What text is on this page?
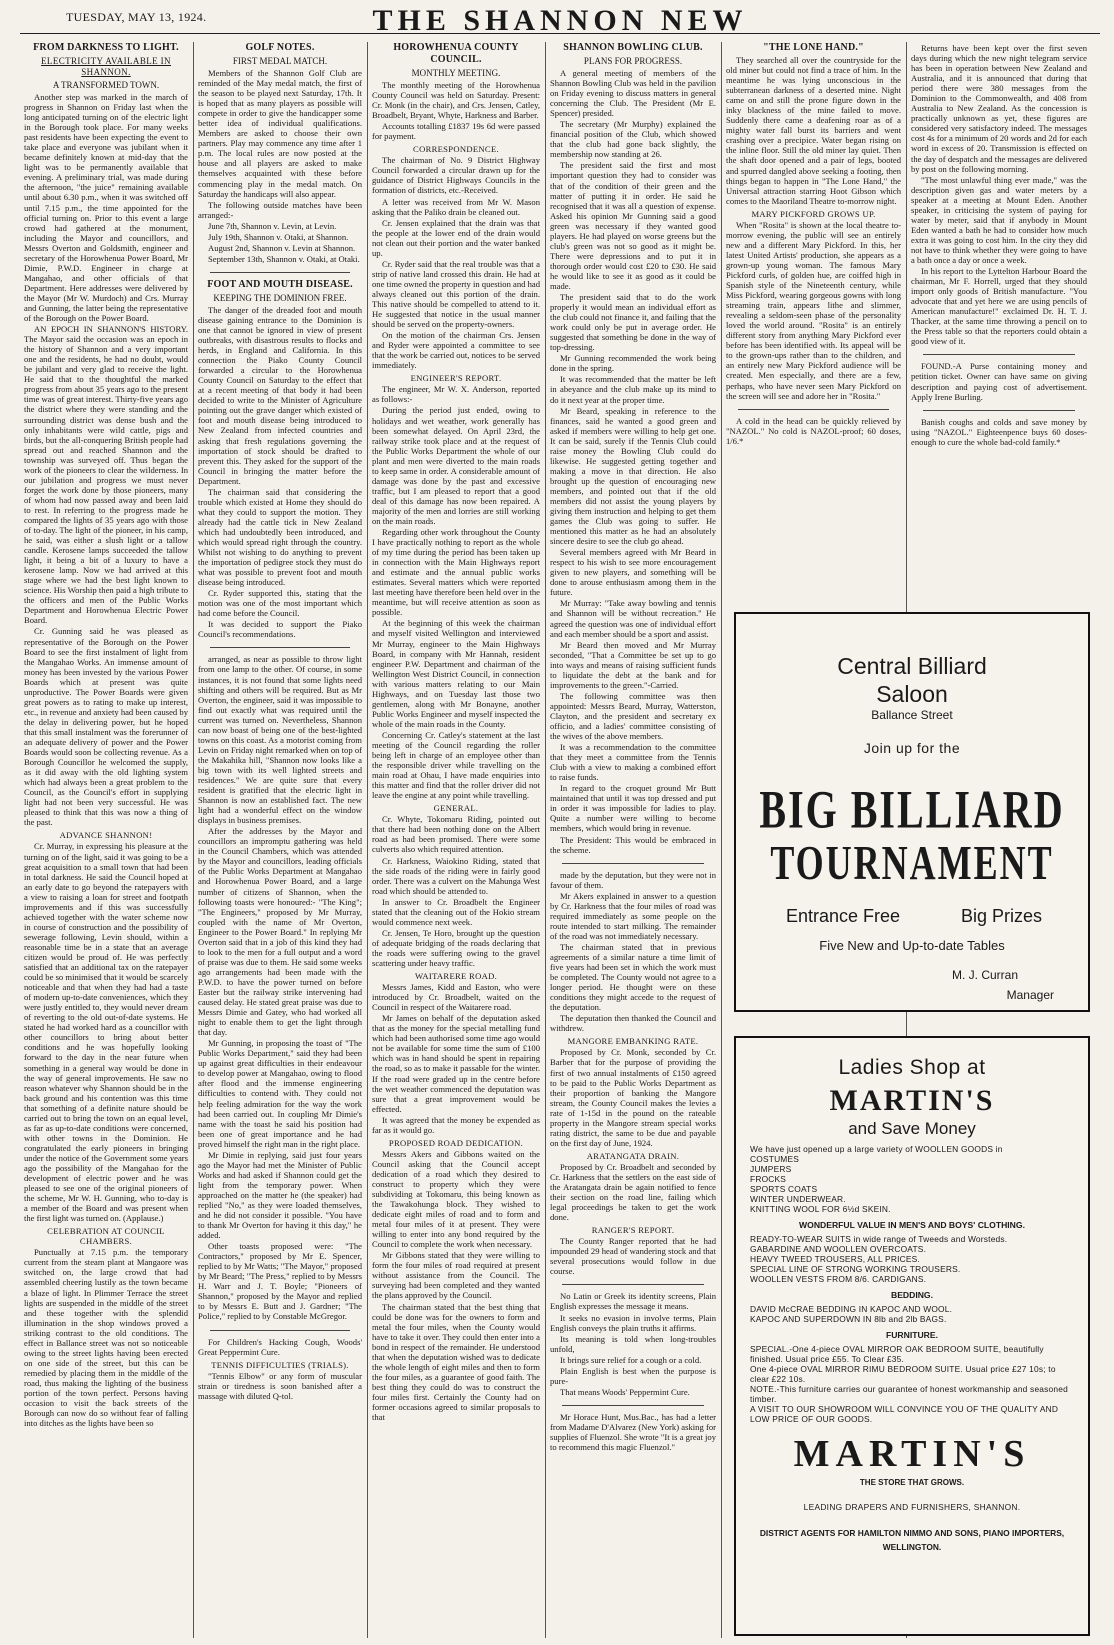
TUESDAY, MAY 13, 1924.	THE SHANNON NEW
FROM DARKNESS TO LIGHT.
ELECTRICITY AVAILABLE IN SHANNON.
A TRANSFORMED TOWN.

Another step was marked in the march of progress in Shannon on Friday last when the long anticipated turning on of the electric light in the Borough took place. For many weeks past residents have been expecting the event to take place and everyone was jubilant when it became definitely known at mid-day that the light was to be permanently available that evening. A preliminary trial, was made during the afternoon, "the juice" remaining available until about 6.30 p.m., when it was switched off until 7.15 p.m., the time appointed for the official turning on. Prior to this event a large crowd had gathered at the monument, including the Mayor and councillors, and Messrs Overton and Goldsmith, engineer and secretary of the Horowhenua Power Board, Mr Dimie, P.W.D. Engineer in charge at Mangahao, and other officials of that Department. Here addresses were delivered by the Mayor (Mr W. Murdoch) and Crs. Murray and Gunning, the latter being the representative of the Borough on the Power Board.

AN EPOCH IN SHANNON'S HISTORY. The Mayor said the occasion was an epoch in the history of Shannon and a very important one and the residents, he had no doubt, would be jubilant and very glad to receive the light. He said that to the thoughtful the marked progress from about 35 years ago to the present time was of great interest. Thirty-five years ago the district where they were standing and the surrounding district was dense bush and the only inhabitants were wild cattle, pigs and birds, but the all-conquering British people had spread out and reached Shannon and the township was surveyed off. Thus began the work of the pioneers to clear the wilderness. In our jubilation and progress we must never forget the work done by those pioneers, many of whom had now passed away and been laid to rest. In referring to the progress made he compared the lights of 35 years ago with those of to-day. The light of the pioneer, in his camp, he said, was either a slush light or a tallow candle. Kerosene lamps succeeded the tallow light, it being a bit of a luxury to have a kerosene lamp. Now we had arrived at this stage where we had the best light known to science. His Worship then paid a high tribute to the officers and men of the Public Works Department and Horowhenua Electric Power Board.

Cr. Gunning said he was pleased as representative of the Borough on the Power Board to see the first instalment of light from the Mangahao Works. An immense amount of money has been invested by the various Power Boards which at present was quite unproductive. The Power Boards were given great powers as to rating to make up interest, etc., in revenue and anxiety had been caused by the delay in delivering power, but he hoped that this small instalment was the forerunner of an adequate delivery of power and the Power Boards would soon be collecting revenue. As a Borough Councillor he welcomed the supply, as it did away with the old lighting system which had always been a great problem to the Council, as the Council's effort in supplying light had not been very successful. He was pleased to think that this was now a thing of the past.

ADVANCE SHANNON!

Cr. Murray, in expressing his pleasure at the turning on of the light, said it was going to be a great acquisition to a small town that had been in total darkness. He said the Council hoped at an early date to go beyond the ratepayers with a view to raising a loan for street and footpath improvements and if this was successfully achieved together with the water scheme now in course of construction and the possibility of sewerage following, Levin should, within a reasonable time be in a state that an average citizen would be proud of. He was perfectly satisfied that an additional tax on the ratepayer could be so minimised that it would be scarcely noticeable and that when they had had a taste of modern up-to-date conveniences, which they were justly entitled to, they would never dream of reverting to the old out-of-date systems. He stated he had worked hard as a councillor with other councillors to bring about better conditions and he was hopefully looking forward to the day in the near future when something in a general way would be done in the way of general improvements. He saw no reason whatever why Shannon should be in the back ground and his contention was this time that something of a definite nature should be carried out to bring the town on an equal level, as far as up-to-date conditions were concerned, with other towns in the Dominion. He congratulated the early pioneers in bringing under the notice of the Government some years ago the possibility of the Mangahao for the development of electric power and he was pleased to see one of the original pioneers of the scheme, Mr W. H. Gunning, who to-day is a member of the Board and was present when the first light was turned on. (Applause.)

CELEBRATION AT COUNCIL CHAMBERS.

Punctually at 7.15 p.m. the temporary current from the steam plant at Mangaore was switched on, the large crowd that had assembled cheering lustily as the town became a blaze of light. In Plimmer Terrace the street lights are suspended in the middle of the street and these together with the splendid illumination in the shop windows proved a striking contrast to the old conditions. The effect in Ballance street was not so noticeable owing to the street lights having been erected on one side of the street, but this can be remedied by placing them in the middle of the road, thus making the lighting of the business portion of the town perfect. Persons having occasion to visit the back streets of the Borough can now do so without fear of falling into ditches as the lights have been so

GOLF NOTES.
FIRST MEDAL MATCH.

Members of the Shannon Golf Club are reminded of the May medal match, the first of the season to be played next Saturday, 17th. It is hoped that as many players as possible will compete in order to give the handicapper some better idea of individual qualifications. Members are asked to choose their own partners. Play may commence any time after 1 p.m. The local rules are now posted at the house and all players are asked to make themselves acquainted with these before commencing play in the medal match. On Saturday the handicaps will also appear.

The following outside matches have been arranged:-

June 7th, Shannon v. Levin, at Levin.

July 19th, Shannon v. Otaki, at Shannon.

August 2nd, Shannon v. Levin at Shannon.

September 13th, Shannon v. Otaki, at Otaki.

FOOT AND MOUTH DISEASE.
KEEPING THE DOMINION FREE.

The danger of the dreaded foot and mouth disease gaining entrance to the Dominion is one that cannot be ignored in view of present outbreaks, with disastrous results to flocks and herds, in England and California. In this connection the Piako County Council forwarded a circular to the Horowhenua County Council on Saturday to the effect that at a recent meeting of that body it had been decided to write to the Minister of Agriculture pointing out the grave danger which existed of foot and mouth disease being introduced to New Zealand from infected countries and asking that fresh regulations governing the importation of stock should be drafted to prevent this. They asked for the support of the Council in bringing the matter before the Department.

The chairman said that considering the trouble which existed at Home they should do what they could to support the motion. They already had the cattle tick in New Zealand which had undoubtedly been introduced, and which would spread right through the country. Whilst not wishing to do anything to prevent the importation of pedigree stock they must do what was possible to prevent foot and mouth disease being introduced.

Cr. Ryder supported this, stating that the motion was one of the most important which had come before the Council.

It was decided to support the Piako Council's recommendations.

arranged, as near as possible to throw light from one lamp to the other. Of course, in some instances, it is not found that some lights need shifting and others will be required. But as Mr Overton, the engineer, said it was impossible to find out exactly what was required until the current was turned on. Nevertheless, Shannon can now boast of being one of the best-lighted towns on this coast. As a motorist coming from Levin on Friday night remarked when on top of the Makahika hill, "Shannon now looks like a big town with its well lighted streets and residences." We are quite sure that every resident is gratified that the electric light in Shannon is now an established fact. The new light had a wonderful effect on the window displays in business premises.

After the addresses by the Mayor and councillors an impromptu gathering was held in the Council Chambers, which was attended by the Mayor and councillors, leading officials of the Public Works Department at Mangahao and Horowhenua Power Board, and a large number of citizens of Shannon, when the following toasts were honoured:- "The King"; "The Engineers," proposed by Mr Murray, coupled with the name of Mr Overton, Engineer to the Power Board." In replying Mr Overton said that in a job of this kind they had to look to the men for a full output and a word of praise was due to them. He said some weeks ago arrangements had been made with the P.W.D. to have the power turned on before Easter but the railway strike intervening had caused delay. He stated great praise was due to Messrs Dimie and Gatey, who had worked all night to enable them to get the light through that day.

Mr Gunning, in proposing the toast of "The Public Works Department," said they had been up against great difficulties in their endeavour to develop power at Mangahao, owing to flood after flood and the immense engineering difficulties to contend with. They could not help feeling admiration for the way the work had been carried out. In coupling Mr Dimie's name with the toast he said his position had been one of great importance and he had proved himself the right man in the right place.

Mr Dimie in replying, said just four years ago the Mayor had met the Minister of Public Works and had asked if Shannon could get the light from the temporary power. When approached on the matter he (the speaker) had replied "No," as they were loaded themselves, and he did not consider it possible. "You have to thank Mr Overton for having it this day," he added.

Other toasts proposed were: "The Contractors," proposed by Mr E. Spencer, replied to by Mr Watts; "The Mayor," proposed by Mr Beard; "The Press," replied to by Messrs H. Warr and J. T. Boyle; "Pioneers of Shannon," proposed by the Mayor and replied to by Messrs E. Butt and J. Gardner; "The Police," replied to by Constable McGregor.

For Children's Hacking Cough, Woods' Great Peppermint Cure.

TENNIS DIFFICULTIES (TRIALS).

"Tennis Elbow" or any form of muscular strain or tiredness is soon banished after a massage with diluted Q-tol.

HOROWHENUA COUNTY COUNCIL.
MONTHLY MEETING.

The monthly meeting of the Horowhenua County Council was held on Saturday. Present: Cr. Monk (in the chair), and Crs. Jensen, Catley, Broadbelt, Bryant, Whyte, Harkness and Barber.

Accounts totalling £1837 19s 6d were passed for payment.

CORRESPONDENCE.

The chairman of No. 9 District Highway Council forwarded a circular drawn up for the guidance of District Highways Councils in the formation of districts, etc.-Received.

A letter was received from Mr W. Mason asking that the Paliko drain be cleaned out.

Cr. Jensen explained that the drain was that the people at the lower end of the drain would not clean out their portion and the water banked up.

Cr. Ryder said that the real trouble was that a strip of native land crossed this drain. He had at one time owned the property in question and had always cleaned out this portion of the drain. This native should be compelled to attend to it. He suggested that notice in the usual manner should be served on the property-owners.

On the motion of the chairman Crs. Jensen and Ryder were appointed a committee to see that the work be carried out, notices to be served immediately.

ENGINEER'S REPORT.

The engineer, Mr W. X. Anderson, reported as follows:-

During the period just ended, owing to holidays and wet weather, work generally has been somewhat delayed. On April 23rd, the railway strike took place and at the request of the Public Works Department the whole of our plant and men were diverted to the main roads to keep same in order. A considerable amount of damage was done by the past and excessive traffic, but I am pleased to report that a good deal of this damage has now been repaired. A majority of the men and lorries are still working on the main roads.

Regarding other work throughout the County I have practically nothing to report as the whole of my time during the period has been taken up in connection with the Main Highways report and estimate and the annual public works estimates. Several matters which were reported last meeting have therefore been held over in the meantime, but will receive attention as soon as possible.

At the beginning of this week the chairman and myself visited Wellington and interviewed Mr Murray, engineer to the Main Highways Board, in company with Mr Hannah, resident engineer P.W. Department and chairman of the Wellington West District Council, in connection with various matters relating to our Main Highways, and on Tuesday last those two gentlemen, along with Mr Bonayne, another Public Works Engineer and myself inspected the whole of the main roads in the County.

Concerning Cr. Catley's statement at the last meeting of the Council regarding the roller being left in charge of an employee other than the responsible driver while travelling on the main road at Ohau, I have made enquiries into this matter and find that the roller driver did not leave the engine at any point while travelling.

GENERAL.

Cr. Whyte, Tokomaru Riding, pointed out that there had been nothing done on the Albert road as had been promised. There were some culverts also which required attention.

Cr. Harkness, Waiokino Riding, stated that the side roads of the riding were in fairly good order. There was a culvert on the Mahunga West road which should be attended to.

In answer to Cr. Broadbelt the Engineer stated that the cleaning out of the Hokio stream would commence next week.

Cr. Jensen, Te Horo, brought up the question of adequate bridging of the roads declaring that the roads were suffering owing to the gravel scattering under heavy traffic.

WAITARERE ROAD.

Messrs James, Kidd and Easton, who were introduced by Cr. Broadbelt, waited on the Council in respect of the Waitarere road.

Mr James on behalf of the deputation asked that as the money for the special metalling fund which had been authorised some time ago would not be available for some time the sum of £100 which was in hand should be spent in repairing the road, so as to make it passable for the winter. If the road were graded up in the centre before the wet weather commenced the deputation was sure that a great improvement would be effected.

It was agreed that the money be expended as far as it would go.

PROPOSED ROAD DEDICATION.

Messrs Akers and Gibbons waited on the Council asking that the Council accept dedication of a road which they desired to construct to property which they were subdividing at Tokomaru, this being known as the Tawakohunga block. They wished to dedicate eight miles of road and to form and metal four miles of it at present. They were willing to enter into any bond required by the Council to complete the work when necessary.

Mr Gibbons stated that they were willing to form the four miles of road required at present without assistance from the Council. The surveying had been completed and they wanted the plans approved by the Council.

The chairman stated that the best thing that could be done was for the owners to form and metal the four miles, when the County would have to take it over. They could then enter into a bond in respect of the remainder. He understood that when the deputation wished was to dedicate the whole length of eight miles and then to form the four miles, as a guarantee of good faith. The best thing they could do was to construct the four miles first. Certainly the County had on former occasions agreed to similar proposals to that

SHANNON BOWLING CLUB.
PLANS FOR PROGRESS.

A general meeting of members of the Shannon Bowling Club was held in the pavilion on Friday evening to discuss matters in general concerning the Club. The President (Mr E. Spencer) presided.

The secretary (Mr Murphy) explained the financial position of the Club, which showed that the club had gone back slightly, the membership now standing at 26.

The president said the first and most important question they had to consider was that of the condition of their green and the matter of putting it in order. He said he recognised that it was all a question of expense. Asked his opinion Mr Gunning said a good green was necessary if they wanted good players. He had played on worse greens but the club's green was not so good as it might be. There were depressions and to put it in thorough order would cost £20 to £30. He said he would like to see it as good as it could be made.

The president said that to do the work properly it would mean an individual effort as the club could not finance it, and failing that the work could only be put in average order. He suggested that something be done in the way of top-dressing.

Mr Gunning recommended the work being done in the spring.

It was recommended that the matter be left in abeyance and the club make up its mind to do it next year at the proper time.

Mr Beard, speaking in reference to the finances, said he wanted a good green and asked if members were willing to help get one. It can be said, surely if the Tennis Club could raise money the Bowling Club could do likewise. He suggested getting together and making a move in that direction. He also brought up the question of encouraging new members, and pointed out that if the old members did not assist the young players by giving them instruction and helping to get them games the Club was going to suffer. He mentioned this matter as he had an absolutely sincere desire to see the club go ahead.

Several members agreed with Mr Beard in respect to his wish to see more encouragement given to new players, and something will be done to arouse enthusiasm among them in the future.

Mr Murray: "Take away bowling and tennis and Shannon will be without recreation." He agreed the question was one of individual effort and each member should be a sport and assist.

Mr Beard then moved and Mr Murray seconded, "That a Committee be set up to go into ways and means of raising sufficient funds to liquidate the debt at the bank and for improvements to the green."-Carried.

The following committee was then appointed: Messrs Beard, Murray, Watterston, Clayton, and the president and secretary ex officio, and a ladies' committee consisting of the wives of the above members.

It was a recommendation to the committee that they meet a committee from the Tennis Club with a view to making a combined effort to raise funds.

In regard to the croquet ground Mr Butt maintained that until it was top dressed and put in order it was impossible for ladies to play. Quite a number were willing to become members, which would bring in revenue.

The President: This would be embraced in the scheme.

made by the deputation, but they were not in favour of them.

Mr Akers explained in answer to a question by Cr. Harkness that the four miles of road was required immediately as some people on the route intended to start milking. The remainder of the road was not immediately necessary.

The chairman stated that in previous agreements of a similar nature a time limit of five years had been set in which the work must be completed. The County would not agree to a longer period. He thought were on these conditions they might accede to the request of the deputation.

The deputation then thanked the Council and withdrew.

MANGORE EMBANKING RATE.

Proposed by Cr. Monk, seconded by Cr. Barber that for the purpose of providing the first of two annual instalments of £150 agreed to be paid to the Public Works Department as their proportion of banking the Mangore stream, the County Council makes the levies a rate of 1-15d in the pound on the rateable property in the Mangore stream special works rating district, the same to be due and payable on the first day of June, 1924.

ARATANGATA DRAIN.

Proposed by Cr. Broadbelt and seconded by Cr. Harkness that the settlers on the east side of the Aratangata drain be again notified to fence their section on the road line, failing which legal proceedings be taken to get the work done.

RANGER'S REPORT.

The County Ranger reported that he had impounded 29 head of wandering stock and that several prosecutions would follow in due course.

No Latin or Greek its identity screens, Plain English expresses the message it means.

It seeks no evasion in involve terms, Plain English conveys the plain truths it affirms.

Its meaning is told when long-troubles unfold,

It brings sure relief for a cough or a cold.

Plain English is best when the purpose is pure-

That means Woods' Peppermint Cure.

Mr Horace Hunt, Mus.Bac., has had a letter from Madame D'Alvarez (New York) asking for supplies of Fluenzol. She wrote "It is a great joy to recommend this magic Fluenzol."

"THE LONE HAND."

They searched all over the countryside for the old miner but could not find a trace of him. In the meantime he was lying unconscious in the subterranean darkness of a deserted mine. Night came on and still the prone figure down in the inky blackness of the mine failed to move. Suddenly there came a deafening roar as of a mighty water fall burst its barriers and went crashing over a precipice. Water began rising on the inline floor. Still the old miner lay quiet. Then the shaft door opened and a pair of legs, booted and spurred dangled above seeking a footing, then things began to happen in "The Lone Hand," the Universal attraction starring Hoot Gibson which comes to the Maoriland Theatre to-morrow night.

MARY PICKFORD GROWS UP.

When "Rosita" is shown at the local theatre to-morrow evening, the public will see an entirely new and a different Mary Pickford. In this, her latest United Artists' production, she appears as a grown-up young woman. The famous Mary Pickford curls, of golden hue, are coiffed high in Spanish style of the Nineteenth century, while Miss Pickford, wearing gorgeous gowns with long streaming train, appears lithe and slimmer, revealing a seldom-seen phase of the personality loved the world around. "Rosita" is an entirely different story from anything Mary Pickford ever before has been identified with. Its appeal will be to the grown-ups rather than to the children, and an entirely new Mary Pickford audience will be created. Men especially, and there are a few, perhaps, who have never seen Mary Pickford on the screen will see and adore her in "Rosita."

A cold in the head can be quickly relieved by "NAZOL." No cold is NAZOL-proof; 60 doses, 1/6.*

Returns have been kept over the first seven days during which the new night telegram service has been in operation between New Zealand and Australia, and it is announced that during that period there were 380 messages from the Dominion to the Commonwealth, and 408 from Australia to New Zealand. As the concession is practically unknown as yet, these figures are considered very satisfactory indeed. The messages cost 4s for a minimum of 20 words and 2d for each word in excess of 20. Transmission is effected on the day of despatch and the messages are delivered by post on the following morning.

"The most unlawful thing ever made," was the description given gas and water meters by a speaker at a meeting at Mount Eden. Another speaker, in criticising the system of paying for water by meter, said that if anybody in Mount Eden wanted a bath he had to consider how much extra it was going to cost him. In the city they did not have to think whether they were going to have a bath once a day or once a week.

In his report to the Lyttelton Harbour Board the chairman, Mr F. Horrell, urged that they should import only goods of British manufacture. "You advocate that and yet here we are using pencils of American manufacture!" exclaimed Dr. H. T. J. Thacker, at the same time throwing a pencil on to the Press table so that the reporters could obtain a good view of it.

FOUND.-A Purse containing money and petition ticket. Owner can have same on giving description and paying cost of advertisement. Apply Irene Burling.

Banish coughs and colds and save money by using "NAZOL." Eighteenpence buys 60 doses-enough to cure the whole bad-cold family.*

Central Billiard
Saloon
Ballance Street
Join up for the
BIG BILLIARD
TOURNAMENT
Entrance Free	Big Prizes
Five New and Up-to-date Tables
M. J. Curran
Manager
Ladies Shop at
MARTIN'S
and Save Money
We have just opened up a large variety of WOOLLEN GOODS in
COSTUMES
JUMPERS
FROCKS
SPORTS COATS
WINTER UNDERWEAR.
KNITTING WOOL FOR 6½d SKEIN.
WONDERFUL VALUE IN MEN'S AND BOYS' CLOTHING.
READY-TO-WEAR SUITS in wide range of Tweeds and Worsteds.
GABARDINE AND WOOLLEN OVERCOATS.
HEAVY TWEED TROUSERS, ALL PRICES.
SPECIAL LINE OF STRONG WORKING TROUSERS.
WOOLLEN VESTS FROM 8/6. CARDIGANS.
BEDDING.
DAVID McCRAE BEDDING IN KAPOC AND WOOL.
KAPOC AND SUPERDOWN IN 8lb and 2lb BAGS.
FURNITURE.
SPECIAL.-One 4-piece OVAL MIRROR OAK BEDROOM SUITE, beautifully finished. Usual price £55. To Clear £35.
One 4-piece OVAL MIRROR RIMU BEDROOM SUITE. Usual price £27 10s; to clear £22 10s.
NOTE.-This furniture carries our guarantee of honest workmanship and seasoned timber.
A VISIT TO OUR SHOWROOM WILL CONVINCE YOU OF THE QUALITY AND LOW PRICE OF OUR GOODS.
MARTIN'S
THE STORE THAT GROWS.
LEADING DRAPERS AND FURNISHERS, SHANNON.
DISTRICT AGENTS FOR HAMILTON NIMMO AND SONS, PIANO IMPORTERS, WELLINGTON.
